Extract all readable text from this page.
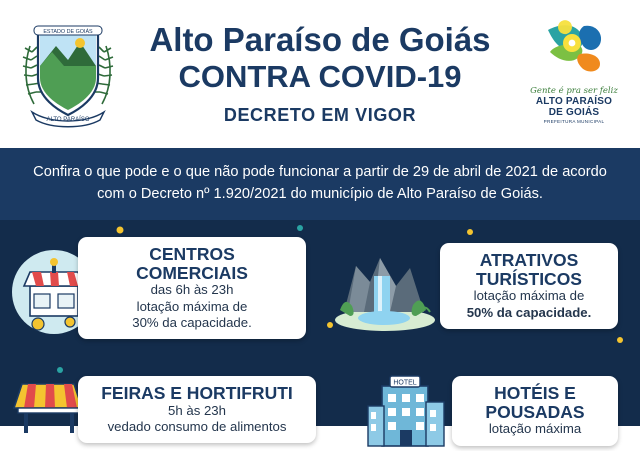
ESTADO DE GOIÁS
ALTO PARAÍSO
Alto Paraíso de Goiás
CONTRA COVID-19
DECRETO EM VIGOR
Gente é pra ser feliz
ALTO PARAÍSO
DE GOIÁS
PREFEITURA MUNICIPAL
Confira o que pode e o que não pode funcionar a partir de 29 de abril de 2021 de acordo com o Decreto nº 1.920/2021 do município de Alto Paraíso de Goiás.
HOTEL
CENTROS
COMERCIAIS
das 6h às 23h
lotação máxima de
30% da capacidade.
ATRATIVOS
TURÍSTICOS
lotação máxima de
50% da capacidade.
FEIRAS E HORTIFRUTI
5h às 23h
vedado consumo de alimentos
HOTÉIS E
POUSADAS
lotação máxima
